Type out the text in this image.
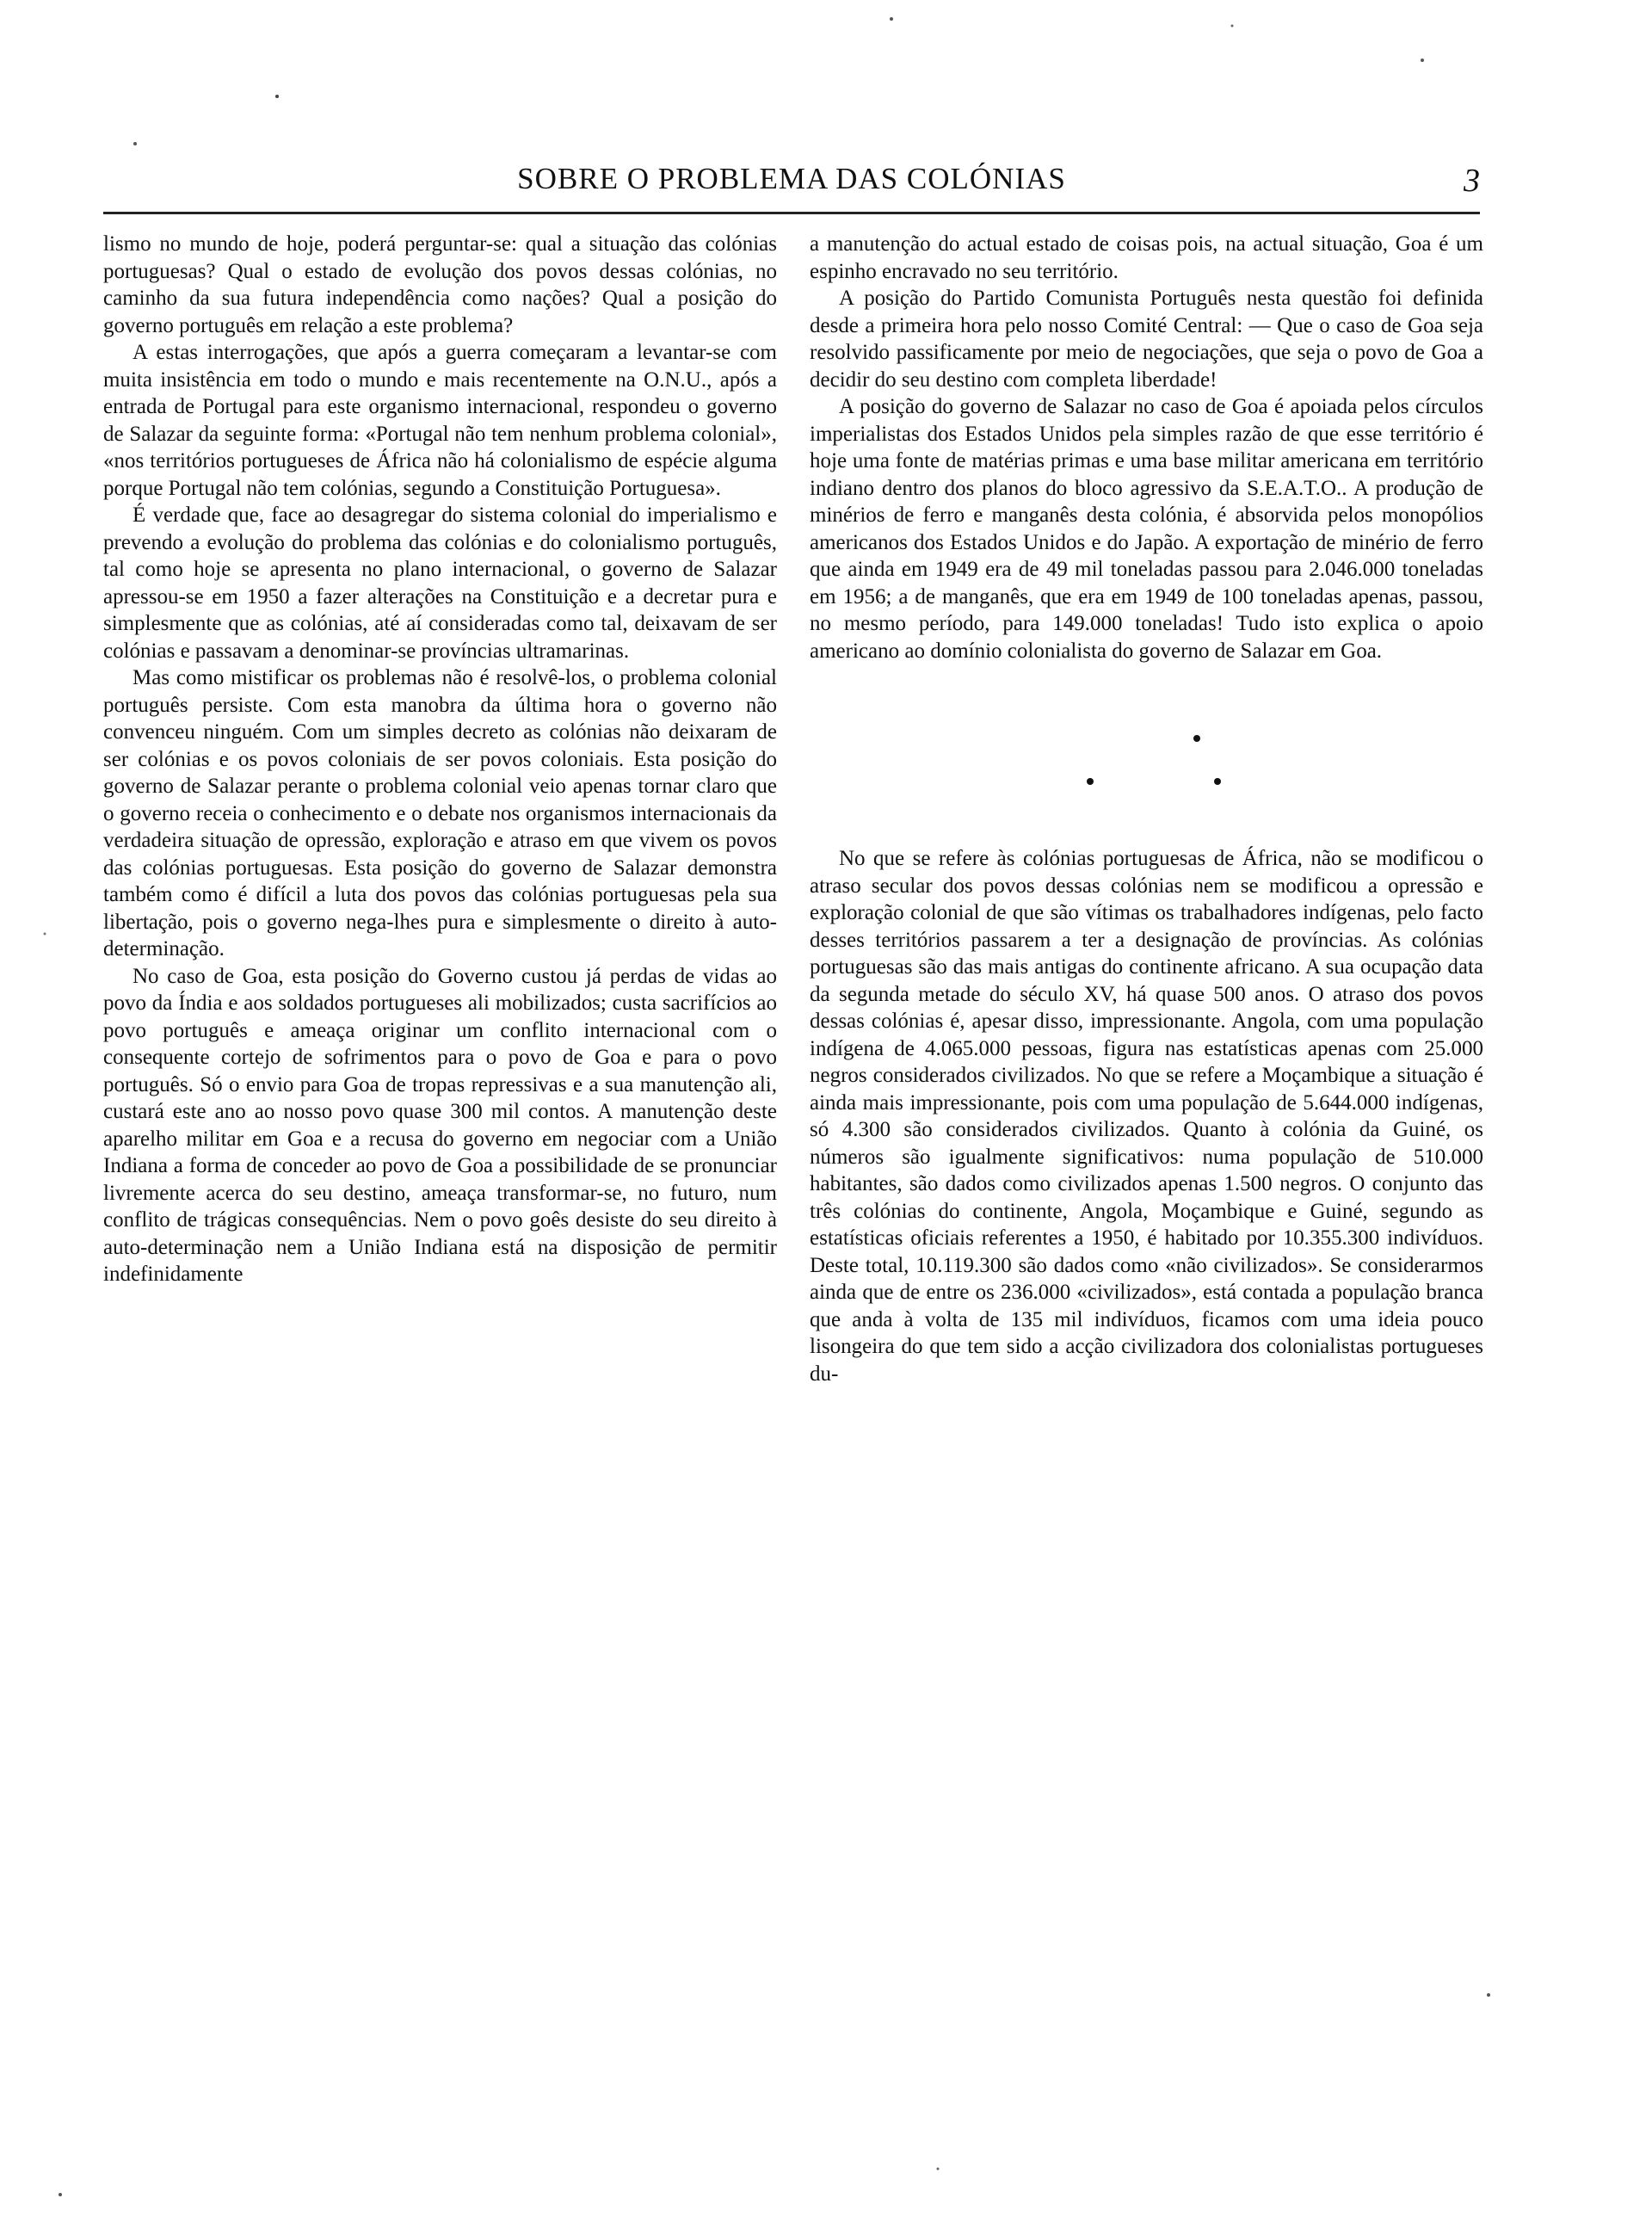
SOBRE O PROBLEMA DAS COLÓNIAS	3

lismo no mundo de hoje, poderá perguntar-se: qual a situação das colónias portuguesas? Qual o estado de evolução dos povos dessas colónias, no caminho da sua futura independência como nações? Qual a posição do governo português em relação a este problema?

A estas interrogações, que após a guerra começaram a levantar-se com muita insistência em todo o mundo e mais recentemente na O.N.U., após a entrada de Portugal para este organismo internacional, respondeu o governo de Salazar da seguinte forma: «Portugal não tem nenhum problema colonial», «nos territórios portugueses de África não há colonialismo de espécie alguma porque Portugal não tem colónias, segundo a Constituição Portuguesa».

É verdade que, face ao desagregar do sistema colonial do imperialismo e prevendo a evolução do problema das colónias e do colonialismo português, tal como hoje se apresenta no plano internacional, o governo de Salazar apressou-se em 1950 a fazer alterações na Constituição e a decretar pura e simplesmente que as colónias, até aí consideradas como tal, deixavam de ser colónias e passavam a denominar-se províncias ultramarinas.

Mas como mistificar os problemas não é resolvê-los, o problema colonial português persiste. Com esta manobra da última hora o governo não convenceu ninguém. Com um simples decreto as colónias não deixaram de ser colónias e os povos coloniais de ser povos coloniais. Esta posição do governo de Salazar perante o problema colonial veio apenas tornar claro que o governo receia o conhecimento e o debate nos organismos internacionais da verdadeira situação de opressão, exploração e atraso em que vivem os povos das colónias portuguesas. Esta posição do governo de Salazar demonstra também como é difícil a luta dos povos das colónias portuguesas pela sua libertação, pois o governo nega-lhes pura e simplesmente o direito à auto-determinação.

No caso de Goa, esta posição do Governo custou já perdas de vidas ao povo da Índia e aos soldados portugueses ali mobilizados; custa sacrifícios ao povo português e ameaça originar um conflito internacional com o consequente cortejo de sofrimentos para o povo de Goa e para o povo português. Só o envio para Goa de tropas repressivas e a sua manutenção ali, custará este ano ao nosso povo quase 300 mil contos. A manutenção deste aparelho militar em Goa e a recusa do governo em negociar com a União Indiana a forma de conceder ao povo de Goa a possibilidade de se pronunciar livremente acerca do seu destino, ameaça transformar-se, no futuro, num conflito de trágicas consequências. Nem o povo goês desiste do seu direito à auto-determinação nem a União Indiana está na disposição de permitir indefinidamente

a manutenção do actual estado de coisas pois, na actual situação, Goa é um espinho encravado no seu território.

A posição do Partido Comunista Português nesta questão foi definida desde a primeira hora pelo nosso Comité Central: — Que o caso de Goa seja resolvido passificamente por meio de negociações, que seja o povo de Goa a decidir do seu destino com completa liberdade!

A posição do governo de Salazar no caso de Goa é apoiada pelos círculos imperialistas dos Estados Unidos pela simples razão de que esse território é hoje uma fonte de matérias primas e uma base militar americana em território indiano dentro dos planos do bloco agressivo da S.E.A.T.O.. A produção de minérios de ferro e manganês desta colónia, é absorvida pelos monopólios americanos dos Estados Unidos e do Japão. A exportação de minério de ferro que ainda em 1949 era de 49 mil toneladas passou para 2.046.000 toneladas em 1956; a de manganês, que era em 1949 de 100 toneladas apenas, passou, no mesmo período, para 149.000 toneladas! Tudo isto explica o apoio americano ao domínio colonialista do governo de Salazar em Goa.

No que se refere às colónias portuguesas de África, não se modificou o atraso secular dos povos dessas colónias nem se modificou a opressão e exploração colonial de que são vítimas os trabalhadores indígenas, pelo facto desses territórios passarem a ter a designação de províncias. As colónias portuguesas são das mais antigas do continente africano. A sua ocupação data da segunda metade do século XV, há quase 500 anos. O atraso dos povos dessas colónias é, apesar disso, impressionante. Angola, com uma população indígena de 4.065.000 pessoas, figura nas estatísticas apenas com 25.000 negros considerados civilizados. No que se refere a Moçambique a situação é ainda mais impressionante, pois com uma população de 5.644.000 indígenas, só 4.300 são considerados civilizados. Quanto à colónia da Guiné, os números são igualmente significativos: numa população de 510.000 habitantes, são dados como civilizados apenas 1.500 negros. O conjunto das três colónias do continente, Angola, Moçambique e Guiné, segundo as estatísticas oficiais referentes a 1950, é habitado por 10.355.300 indivíduos. Deste total, 10.119.300 são dados como «não civilizados». Se considerarmos ainda que de entre os 236.000 «civilizados», está contada a população branca que anda à volta de 135 mil indivíduos, ficamos com uma ideia pouco lisongeira do que tem sido a acção civilizadora dos colonialistas portugueses du-
